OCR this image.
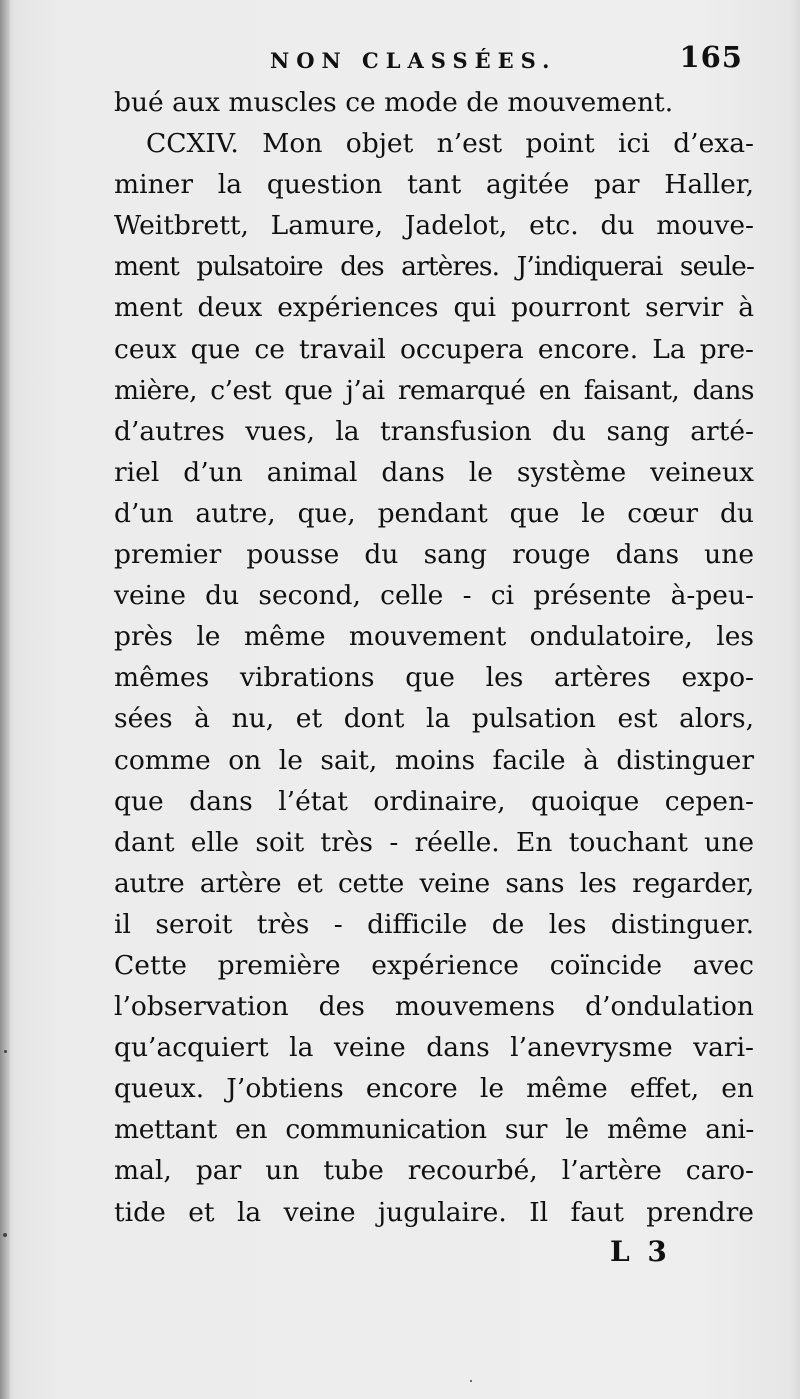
NON CLASSÉES.	165
bué aux muscles ce mode de mouvement.
CCXIV. Mon objet n’est point ici d’exa-
miner la question tant agitée par Haller,
Weitbrett, Lamure, Jadelot, etc. du mouve-
ment pulsatoire des artères. J’indiquerai seule-
ment deux expériences qui pourront servir à
ceux que ce travail occupera encore. La pre-
mière, c’est que j’ai remarqué en faisant, dans
d’autres vues, la transfusion du sang arté-
riel d’un animal dans le système veineux
d’un autre, que, pendant que le cœur du
premier pousse du sang rouge dans une
veine du second, celle - ci présente à-peu-
près le même mouvement ondulatoire, les
mêmes vibrations que les artères expo-
sées à nu, et dont la pulsation est alors,
comme on le sait, moins facile à distinguer
que dans l’état ordinaire, quoique cepen-
dant elle soit très - réelle. En touchant une
autre artère et cette veine sans les regarder,
il seroit très - difficile de les distinguer.
Cette première expérience coïncide avec
l’observation des mouvemens d’ondulation
qu’acquiert la veine dans l’anevrysme vari-
queux. J’obtiens encore le même effet, en
mettant en communication sur le même ani-
mal, par un tube recourbé, l’artère caro-
tide et la veine jugulaire. Il faut prendre
L 3
